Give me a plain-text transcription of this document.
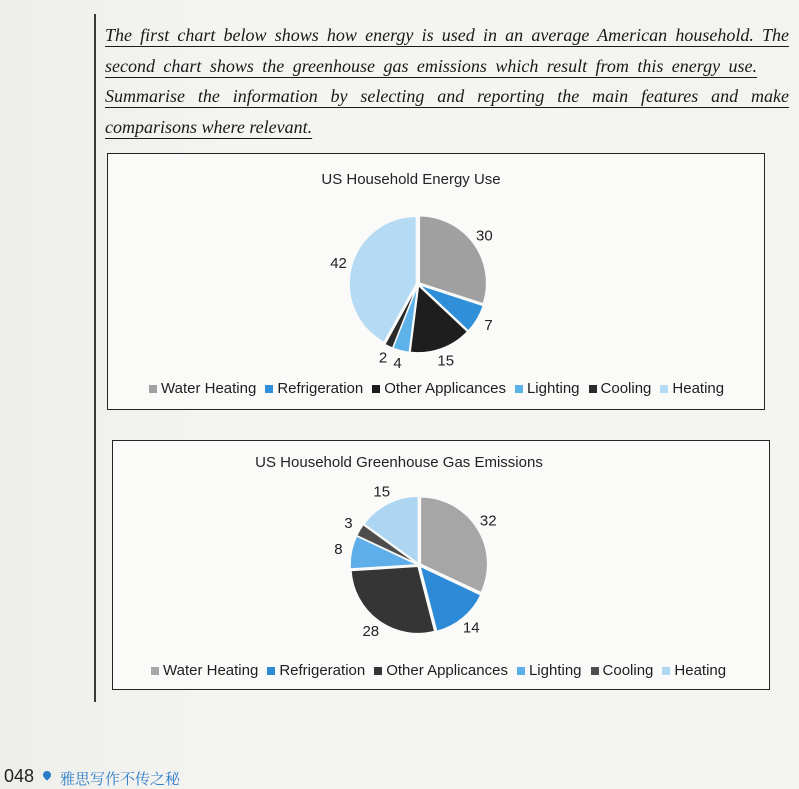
The first chart below shows how energy is used in an average American household. The
second chart shows the greenhouse gas emissions which result from this energy use.
Summarise the information by selecting and reporting the main features and make
comparisons where relevant.
US Household Energy Use
30
7
15
4
2
42
Water Heating Refrigeration Other Applicances Lighting Cooling Heating
US Household Greenhouse Gas Emissions
32
14
28
8
3
15
Water Heating Refrigeration Other Applicances Lighting Cooling Heating
048 雅思写作不传之秘
